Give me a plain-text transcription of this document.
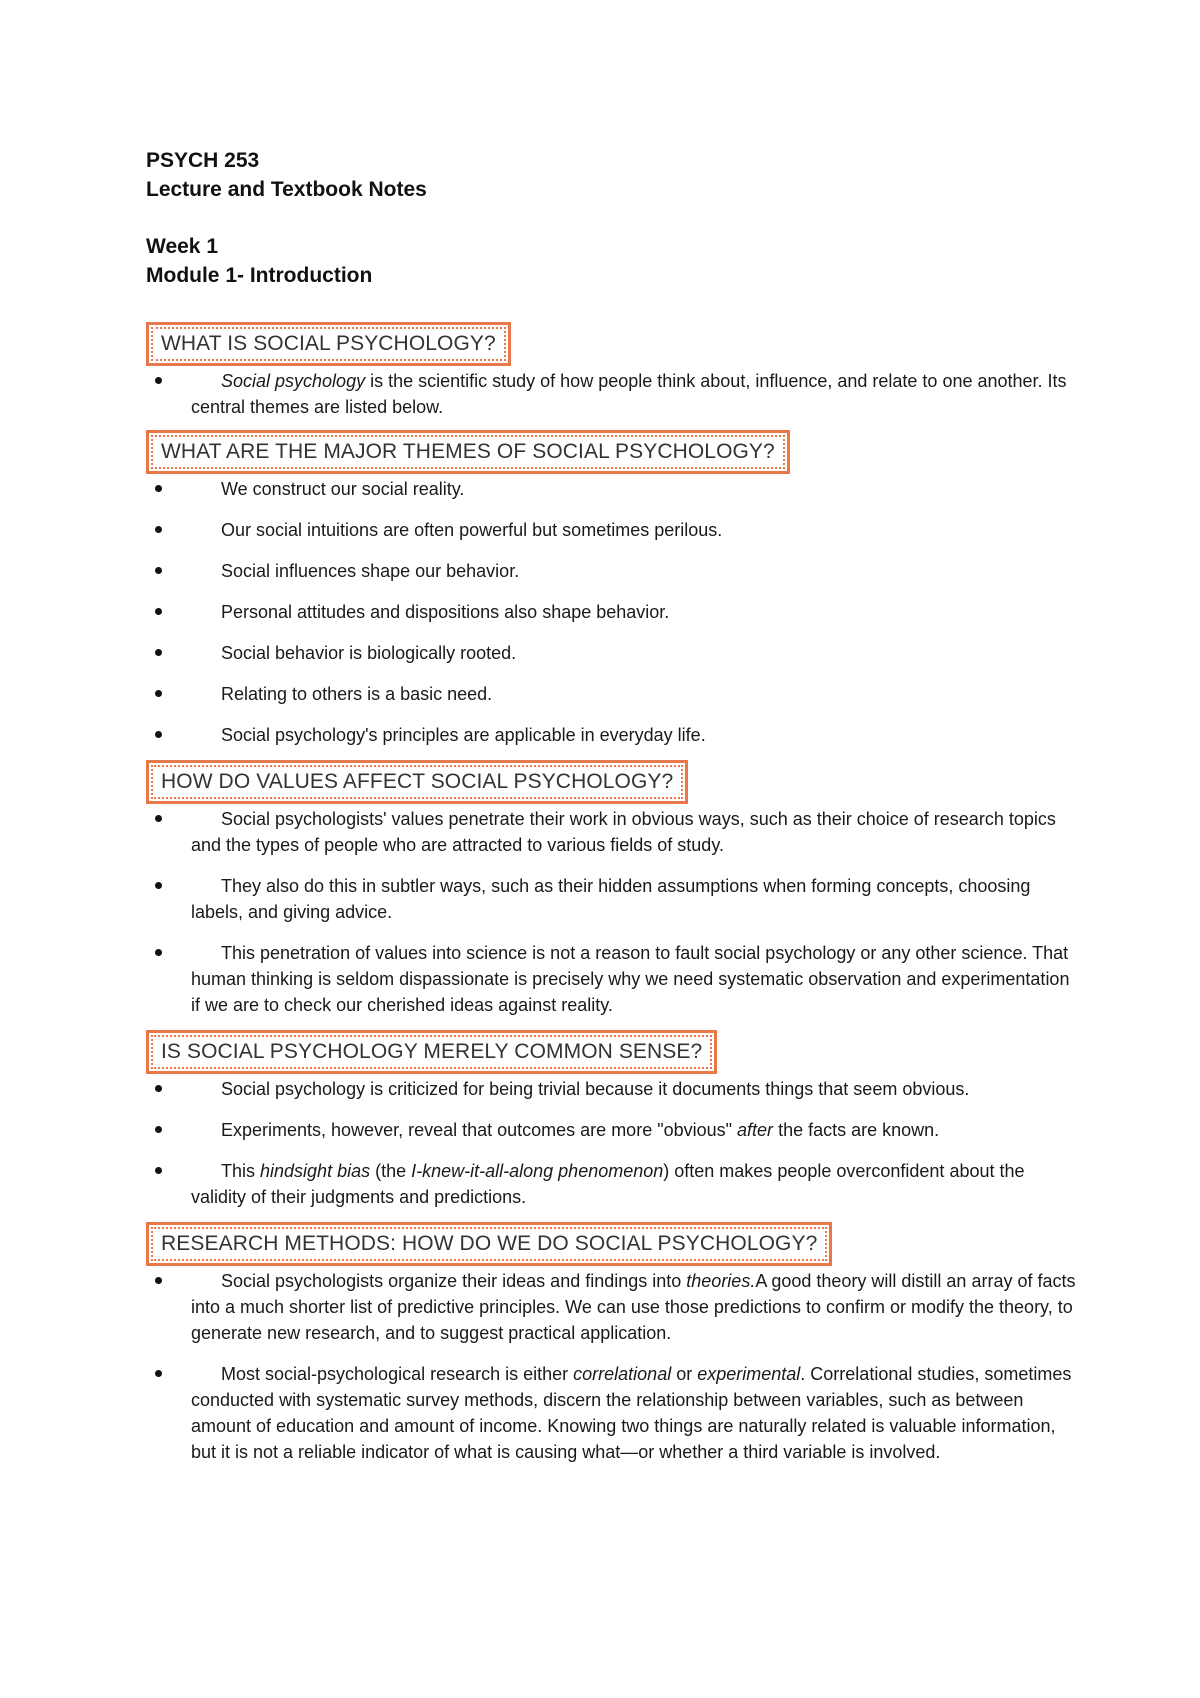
PSYCH 253
Lecture and Textbook Notes
Week 1
Module 1- Introduction
WHAT IS SOCIAL PSYCHOLOGY?
Social psychology is the scientific study of how people think about, influence, and relate to one another. Its central themes are listed below.
WHAT ARE THE MAJOR THEMES OF SOCIAL PSYCHOLOGY?
We construct our social reality.
Our social intuitions are often powerful but sometimes perilous.
Social influences shape our behavior.
Personal attitudes and dispositions also shape behavior.
Social behavior is biologically rooted.
Relating to others is a basic need.
Social psychology's principles are applicable in everyday life.
HOW DO VALUES AFFECT SOCIAL PSYCHOLOGY?
Social psychologists' values penetrate their work in obvious ways, such as their choice of research topics and the types of people who are attracted to various fields of study.
They also do this in subtler ways, such as their hidden assumptions when forming concepts, choosing labels, and giving advice.
This penetration of values into science is not a reason to fault social psychology or any other science. That human thinking is seldom dispassionate is precisely why we need systematic observation and experimentation if we are to check our cherished ideas against reality.
IS SOCIAL PSYCHOLOGY MERELY COMMON SENSE?
Social psychology is criticized for being trivial because it documents things that seem obvious.
Experiments, however, reveal that outcomes are more "obvious" after the facts are known.
This hindsight bias (the I-knew-it-all-along phenomenon) often makes people overconfident about the validity of their judgments and predictions.
RESEARCH METHODS: HOW DO WE DO SOCIAL PSYCHOLOGY?
Social psychologists organize their ideas and findings into theories.A good theory will distill an array of facts into a much shorter list of predictive principles. We can use those predictions to confirm or modify the theory, to generate new research, and to suggest practical application.
Most social-psychological research is either correlational or experimental. Correlational studies, sometimes conducted with systematic survey methods, discern the relationship between variables, such as between amount of education and amount of income. Knowing two things are naturally related is valuable information, but it is not a reliable indicator of what is causing what—or whether a third variable is involved.
